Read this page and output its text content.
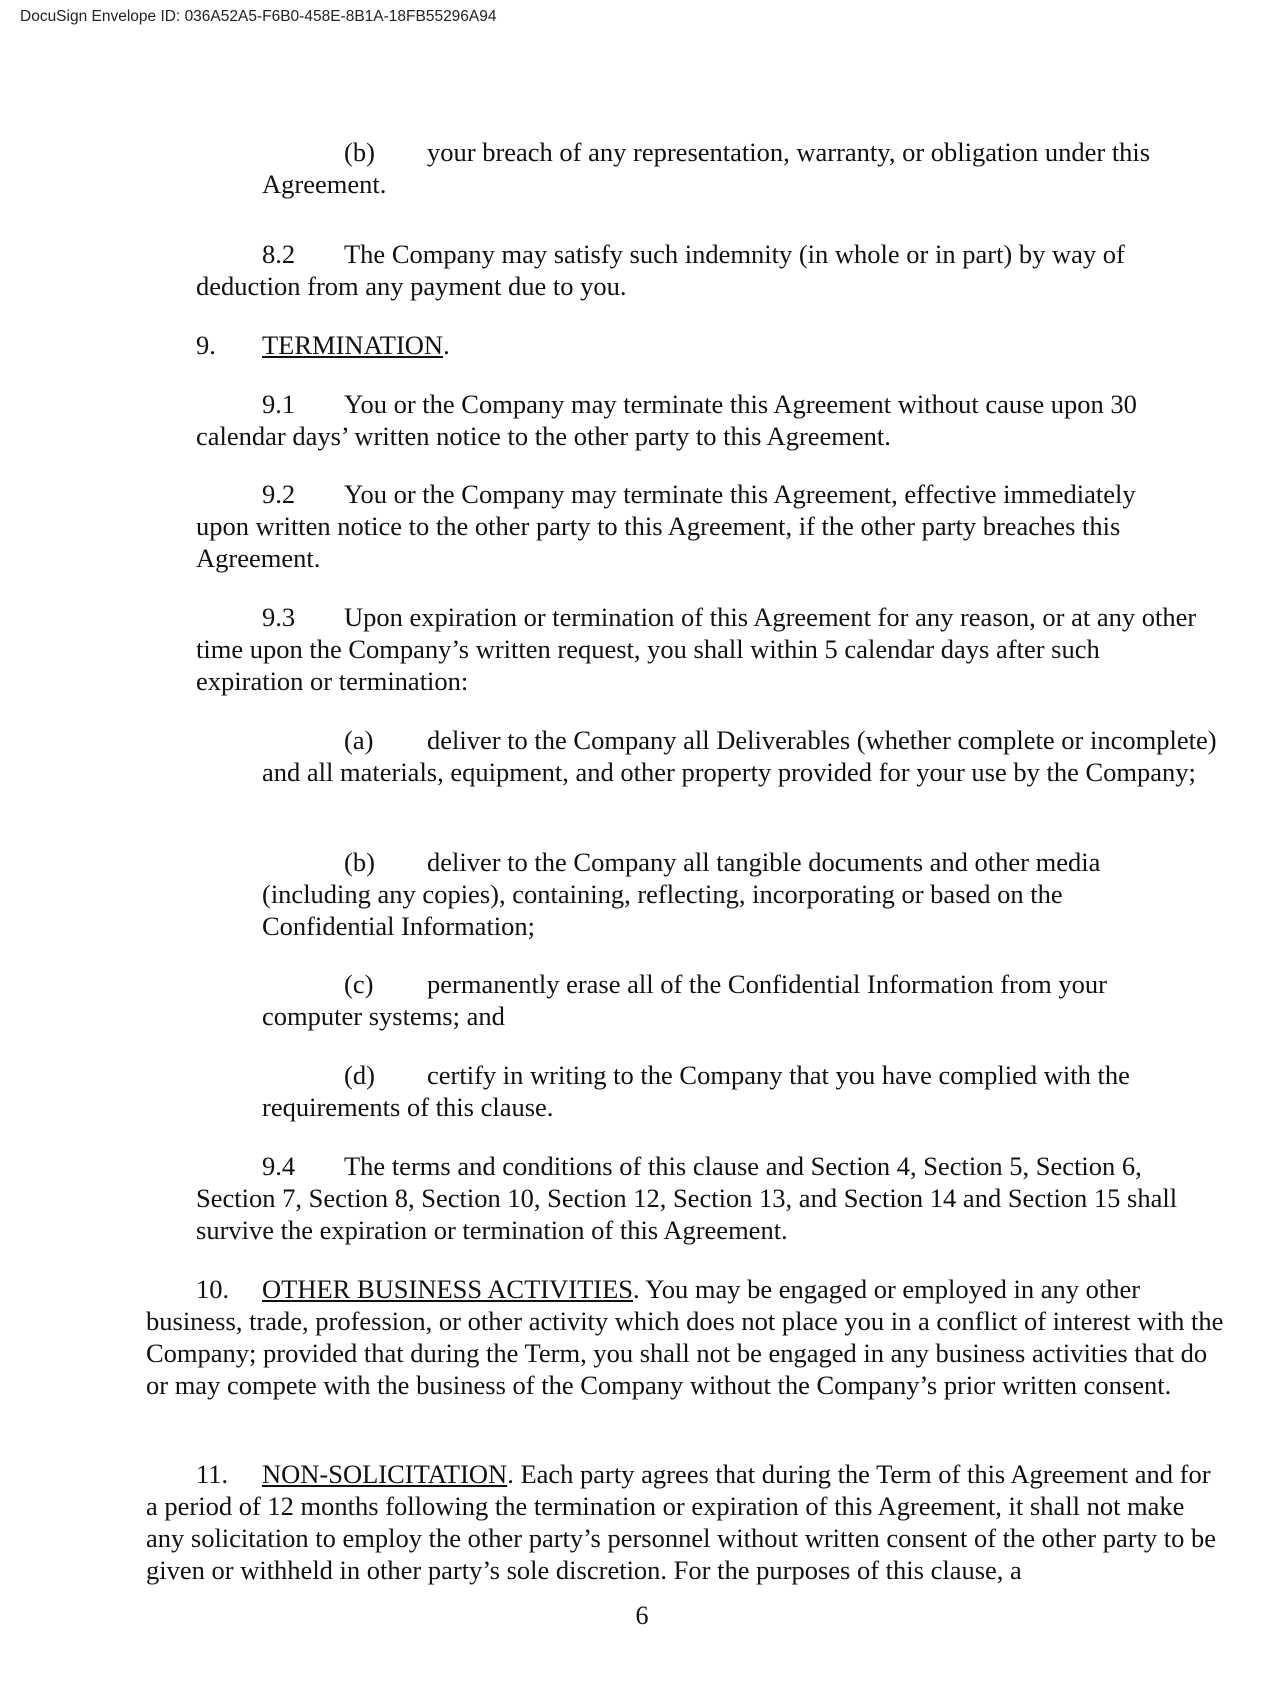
DocuSign Envelope ID: 036A52A5-F6B0-458E-8B1A-18FB55296A94

(b) your breach of any representation, warranty, or obligation under this Agreement.

8.2 The Company may satisfy such indemnity (in whole or in part) by way of deduction from any payment due to you.

9. TERMINATION.

9.1 You or the Company may terminate this Agreement without cause upon 30 calendar days’ written notice to the other party to this Agreement.

9.2 You or the Company may terminate this Agreement, effective immediately upon written notice to the other party to this Agreement, if the other party breaches this Agreement.

9.3 Upon expiration or termination of this Agreement for any reason, or at any other time upon the Company’s written request, you shall within 5 calendar days after such expiration or termination:

(a) deliver to the Company all Deliverables (whether complete or incomplete) and all materials, equipment, and other property provided for your use by the Company;

(b) deliver to the Company all tangible documents and other media (including any copies), containing, reflecting, incorporating or based on the Confidential Information;

(c) permanently erase all of the Confidential Information from your computer systems; and

(d) certify in writing to the Company that you have complied with the requirements of this clause.

9.4 The terms and conditions of this clause and Section 4, Section 5, Section 6, Section 7, Section 8, Section 10, Section 12, Section 13, and Section 14 and Section 15 shall survive the expiration or termination of this Agreement.

10. OTHER BUSINESS ACTIVITIES. You may be engaged or employed in any other business, trade, profession, or other activity which does not place you in a conflict of interest with the Company; provided that during the Term, you shall not be engaged in any business activities that do or may compete with the business of the Company without the Company’s prior written consent.

11. NON-SOLICITATION. Each party agrees that during the Term of this Agreement and for a period of 12 months following the termination or expiration of this Agreement, it shall not make any solicitation to employ the other party’s personnel without written consent of the other party to be given or withheld in other party’s sole discretion. For the purposes of this clause, a

6
